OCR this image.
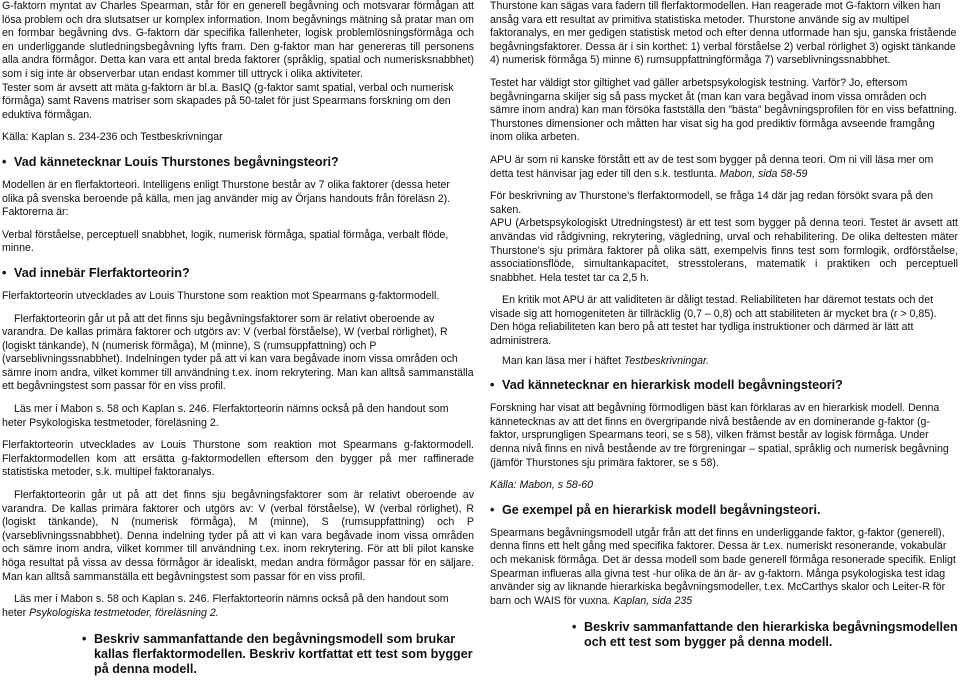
G-faktorn myntat av Charles Spearman, står för en generell begåvning och motsvarar förmågan att lösa problem och dra slutsatser ur komplex information. Inom begåvnings mätning så pratar man om en formbar begåvning dvs. G-faktorn där specifika fallenheter, logisk problemlösningsförmåga och en underliggande slutledningsbegåvning lyfts fram. Den g-faktor man har genereras till personens alla andra förmågor. Detta kan vara ett antal breda faktorer (språklig, spatial och numerisksnabbhet) som i sig inte är observerbar utan endast kommer till uttryck i olika aktiviteter.

Tester som är avsett att mäta g-faktorn är bl.a. BasIQ (g-faktor samt spatial, verbal och numerisk förmåga) samt Ravens matriser som skapades på 50-talet för just Spearmans forskning om den eduktiva förmågan.

Källa: Kaplan s. 234-236 och Testbeskrivningar

• Vad kännetecknar Louis Thurstones begåvningsteori?

Modellen är en flerfaktorteori. Intelligens enligt Thurstone består av 7 olika faktorer (dessa heter olika på svenska beroende på källa, men jag använder mig av Örjans handouts från föreläsn 2). Faktorerna är:

Verbal förståelse, perceptuell snabbhet, logik, numerisk förmåga, spatial förmåga, verbalt flöde, minne.

• Vad innebär Flerfaktorteorin?

Flerfaktorteorin utvecklades av Louis Thurstone som reaktion mot Spearmans g-faktormodell.

Flerfaktorteorin går ut på att det finns sju begåvningsfaktorer som är relativt oberoende av varandra. De kallas primära faktorer och utgörs av: V (verbal förståelse), W (verbal rörlighet), R (logiskt tänkande), N (numerisk förmåga), M (minne), S (rumsuppfattning) och P (varseblivningssnabbhet). Indelningen tyder på att vi kan vara begåvade inom vissa områden och sämre inom andra, vilket kommer till användning t.ex. inom rekrytering. Man kan alltså sammanställa ett begåvningstest som passar för en viss profil.

Läs mer i Mabon s. 58 och Kaplan s. 246. Flerfaktorteorin nämns också på den handout som heter Psykologiska testmetoder, föreläsning 2.

Flerfaktorteorin utvecklades av Louis Thurstone som reaktion mot Spearmans g-faktormodell. Flerfaktormodellen kom att ersätta g-faktormodellen eftersom den bygger på mer raffinerade statistiska metoder, s.k. multipel faktoranalys.

Flerfaktorteorin går ut på att det finns sju begåvningsfaktorer som är relativt oberoende av varandra. De kallas primära faktorer och utgörs av: V (verbal förståelse), W (verbal rörlighet), R (logiskt tänkande), N (numerisk förmåga), M (minne), S (rumsuppfattning) och P (varseblivningssnabbhet). Denna indelning tyder på att vi kan vara begåvade inom vissa områden och sämre inom andra, vilket kommer till användning t.ex. inom rekrytering. För att bli pilot kanske höga resultat på vissa av dessa förmågor är idealiskt, medan andra förmågor passar för en säljare. Man kan alltså sammanställa ett begåvningstest som passar för en viss profil.

Läs mer i Mabon s. 58 och Kaplan s. 246. Flerfaktorteorin nämns också på den handout som heter Psykologiska testmetoder, föreläsning 2.

• Beskriv sammanfattande den begåvningsmodell som brukar kallas flerfaktormodellen. Beskriv kortfattat ett test som bygger på denna modell.

Thurstone kan sägas vara fadern till flerfaktormodellen. Han reagerade mot G-faktorn vilken han ansåg vara ett resultat av primitiva statistiska metoder. Thurstone använde sig av multipel faktoranalys, en mer gedigen statistisk metod och efter denna utformade han sju, ganska fristående begåvningsfaktorer. Dessa är i sin korthet: 1) verbal förståelse 2) verbal rörlighet 3) ogiskt tänkande 4) numerisk förmåga 5) minne 6) rumsuppfattningförmåga 7) varseblivningssnabbhet.

Testet har väldigt stor giltighet vad gäller arbetspsykologisk testning. Varför? Jo, eftersom begåvningarna skiljer sig så pass mycket åt (man kan vara begåvad inom vissa områden och sämre inom andra) kan man försöka fastställa den ”bästa” begåvningsprofilen för en viss befattning. Thurstones dimensioner och måtten har visat sig ha god prediktiv förmåga avseende framgång inom olika arbeten.

APU är som ni kanske förstått ett av de test som bygger på denna teori. Om ni vill läsa mer om detta test hänvisar jag eder till den s.k. testlunta. Mabon, sida 58-59

För beskrivning av Thurstone’s flerfaktormodell, se fråga 14 där jag redan försökt svara på den saken.

APU (Arbetspsykologiskt Utredningstest) är ett test som bygger på denna teori. Testet är avsett att användas vid rådgivning, rekrytering, vägledning, urval och rehabilitering. De olika deltesten mäter Thurstone's sju primära faktorer på olika sätt, exempelvis finns test som formlogik, ordförståelse, associationsflöde, simultankapacitet, stresstolerans, matematik i praktiken och perceptuell snabbhet. Hela testet tar ca 2,5 h.

En kritik mot APU är att validiteten är dåligt testad. Reliabiliteten har däremot testats och det visade sig att homogeniteten är tillräcklig (0,7 – 0,8) och att stabiliteten är mycket bra (r > 0,85). Den höga reliabiliteten kan bero på att testet har tydliga instruktioner och därmed är lätt att administrera.

Man kan läsa mer i häftet Testbeskrivningar.

• Vad kännetecknar en hierarkisk modell begåvningsteori?

Forskning har visat att begåvning förmodligen bäst kan förklaras av en hierarkisk modell. Denna kännetecknas av att det finns en övergripande nivå bestående av en dominerande g-faktor (g-faktor, ursprungligen Spearmans teori, se s 58), vilken främst består av logisk förmåga. Under denna nivå finns en nivå bestående av tre förgreningar – spatial, språklig och numerisk begåvning (jämför Thurstones sju primära faktorer, se s 58).

Källa: Mabon, s 58-60

• Ge exempel på en hierarkisk modell begåvningsteori.

Spearmans begåvningsmodell utgår från att det finns en underliggande faktor, g-faktor (generell), denna finns ett helt gång med specifika faktorer. Dessa är t.ex. numeriskt resonerande, vokabulär och mekanisk förmåga. Det är dessa modell som bade generell förmåga resonerade specifik. Enligt Spearman influeras alla givna test -hur olika de än är- av g-faktorn. Många psykologiska test idag använder sig av liknande hierarkiska begåvningsmodeller, t.ex. McCarthys skalor och Leiter-R för barn och WAIS för vuxna. Kaplan, sida 235

• Beskriv sammanfattande den hierarkiska begåvningsmodellen och ett test som bygger på denna modell.
